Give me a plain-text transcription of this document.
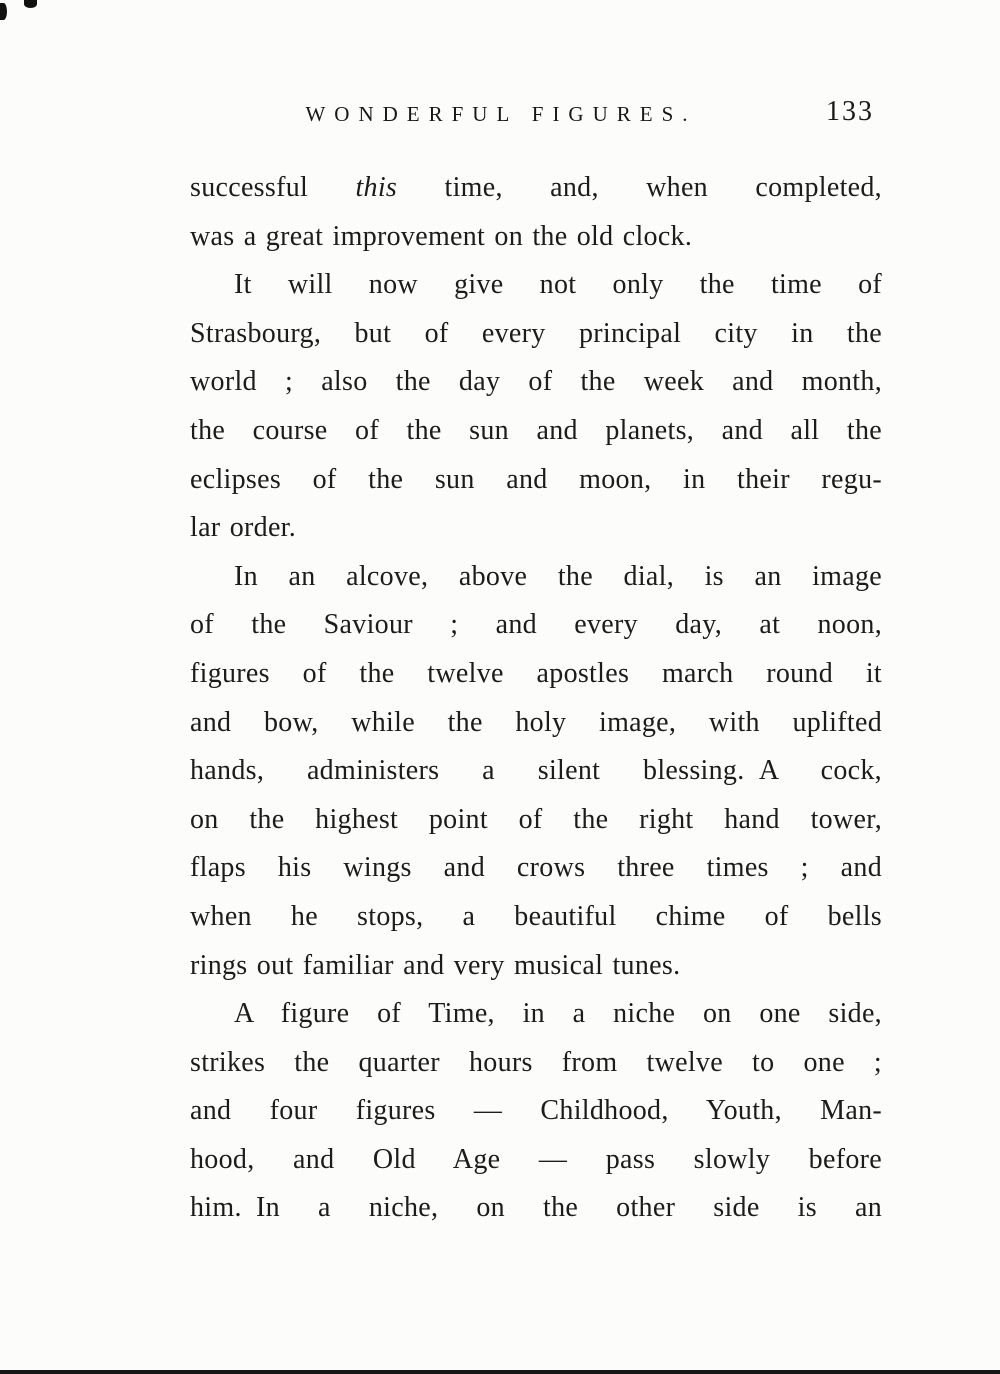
WONDERFUL FIGURES.	133
successful this time, and, when completed,
was a great improvement on the old clock.
It will now give not only the time of
Strasbourg, but of every principal city in the
world ; also the day of the week and month,
the course of the sun and planets, and all the
eclipses of the sun and moon, in their regu-
lar order.
In an alcove, above the dial, is an image
of the Saviour ; and every day, at noon,
figures of the twelve apostles march round it
and bow, while the holy image, with uplifted
hands, administers a silent blessing. A cock,
on the highest point of the right hand tower,
flaps his wings and crows three times ; and
when he stops, a beautiful chime of bells
rings out familiar and very musical tunes.
A figure of Time, in a niche on one side,
strikes the quarter hours from twelve to one ;
and four figures — Childhood, Youth, Man-
hood, and Old Age — pass slowly before
him. In a niche, on the other side is an
